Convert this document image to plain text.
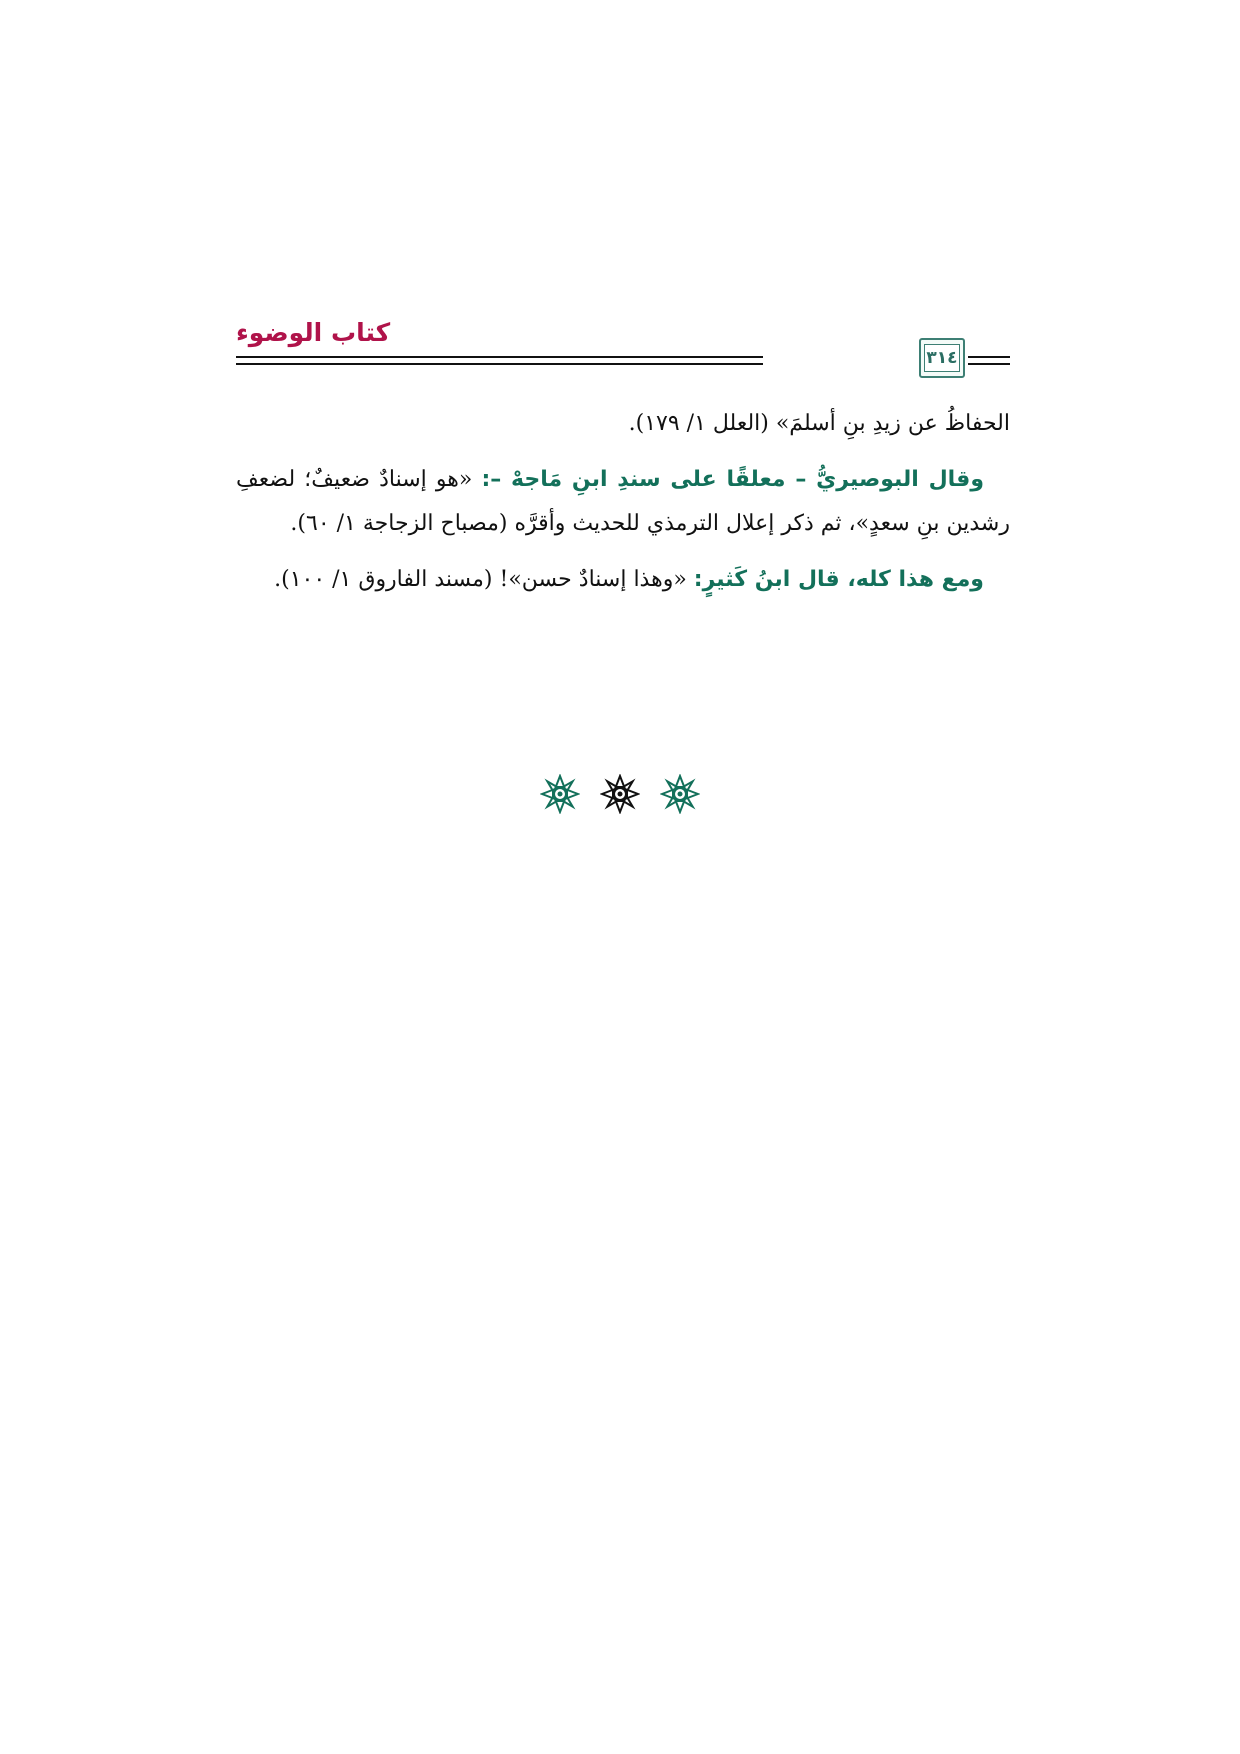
كتاب الوضوء
٣١٤

الحفاظُ عن زيدِ بنِ أسلمَ» (العلل ١/ ١٧٩).

وقال البوصيريُّ – معلقًا على سندِ ابنِ مَاجهْ –: «هو إسنادٌ ضعيفٌ؛ لضعفِ رشدين بنِ سعدٍ»، ثم ذكر إعلال الترمذي للحديث وأقرَّه (مصباح الزجاجة ١/ ٦٠).

ومع هذا كله، قال ابنُ كَثيرٍ: «وهذا إسنادٌ حسن»! (مسند الفاروق ١/ ١٠٠).
